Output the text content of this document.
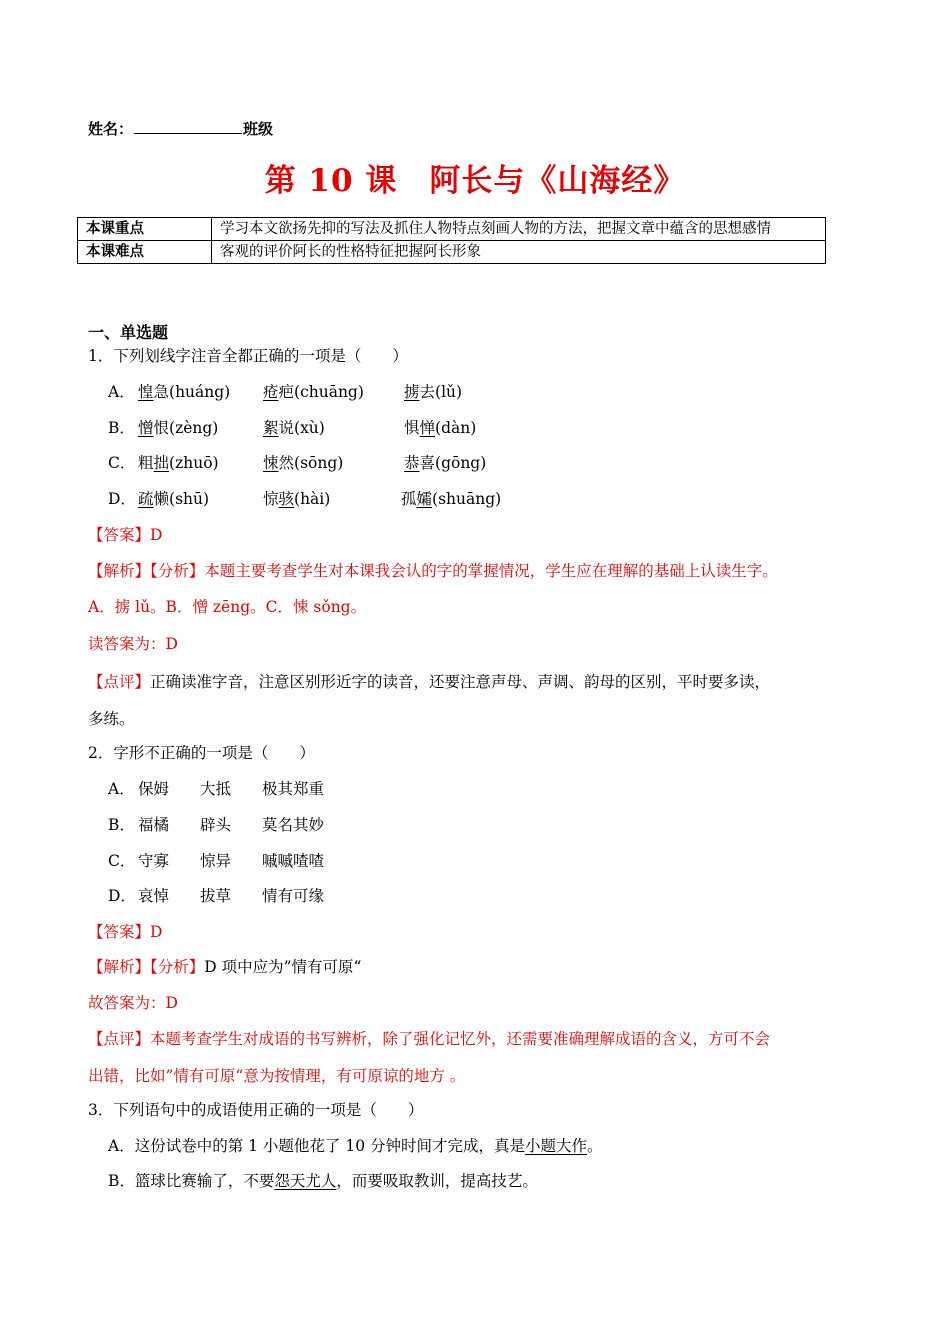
姓名：	班级
第 10 课　阿长与《山海经》
本课重点	学习本文欲扬先抑的写法及抓住人物特点刻画人物的方法，把握文章中蕴含的思想感情
本课难点	客观的评价阿长的性格特征把握阿长形象
一、单选题
1．下列划线字注音全都正确的一项是（　　）
A． 惶急(huáng) 疮疤(chuāng)	掳去(lǔ)
B． 憎恨(zèng)	絮说(xù)	惧惮(dàn)
C． 粗拙(zhuō)	悚然(sōng)	恭喜(gōng)
D． 疏懒(shū)	惊骇(hài)	孤孀(shuāng)
【答案】D
【解析】【分析】本题主要考查学生对本课我会认的字的掌握情况，学生应在理解的基础上认读生字。
A．掳 lǔ。B．憎 zēng。C．悚 sǒng。
读答案为：D
【点评】正确读准字音，注意区别形近字的读音，还要注意声母、声调、韵母的区别，平时要多读，
多练。
2．字形不正确的一项是（　　）
A． 保姆 大抵 极其郑重
B． 福橘 辟头 莫名其妙
C． 守寡 惊异 嘁嘁喳喳
D． 哀悼 拔草 情有可缘
【答案】D
【解析】【分析】D 项中应为”情有可原“
故答案为：D
【点评】本题考查学生对成语的书写辨析，除了强化记忆外，还需要准确理解成语的含义，方可不会
出错，比如”情有可原“意为按情理，有可原谅的地方 。
3．下列语句中的成语使用正确的一项是（　　）
A．这份试卷中的第 1 小题他花了 10 分钟时间才完成，真是小题大作。
B．篮球比赛输了，不要怨天尤人，而要吸取教训，提高技艺。
